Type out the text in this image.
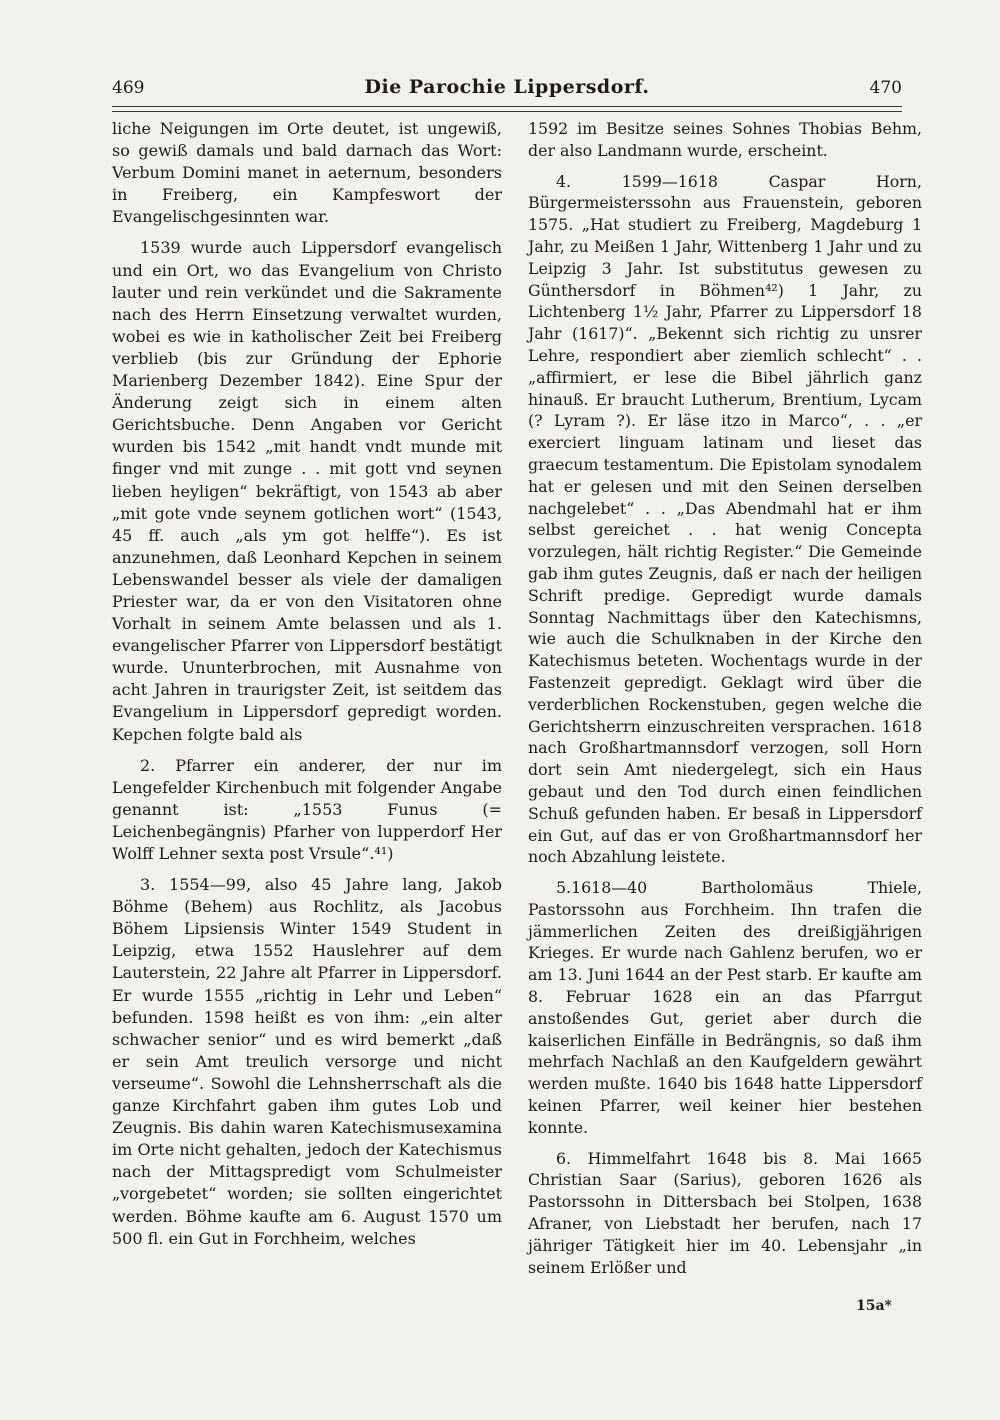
469	Die Parochie Lippersdorf.	470

liche Neigungen im Orte deutet, ist ungewiß, so gewiß damals und bald darnach das Wort: Verbum Domini manet in aeternum, besonders in Freiberg, ein Kampfeswort der Evangelischgesinnten war.

1539 wurde auch Lippersdorf evangelisch und ein Ort, wo das Evangelium von Christo lauter und rein verkündet und die Sakramente nach des Herrn Einsetzung verwaltet wurden, wobei es wie in katholischer Zeit bei Freiberg verblieb (bis zur Gründung der Ephorie Marienberg Dezember 1842). Eine Spur der Änderung zeigt sich in einem alten Gerichtsbuche. Denn Angaben vor Gericht wurden bis 1542 „mit handt vndt munde mit finger vnd mit zunge . . mit gott vnd seynen lieben heyligen“ bekräftigt, von 1543 ab aber „mit gote vnde seynem gotlichen wort“ (1543, 45 ff. auch „als ym got helffe“). Es ist anzunehmen, daß Leonhard Kepchen in seinem Lebenswandel besser als viele der damaligen Priester war, da er von den Visitatoren ohne Vorhalt in seinem Amte belassen und als 1. evangelischer Pfarrer von Lippersdorf bestätigt wurde. Ununterbrochen, mit Ausnahme von acht Jahren in traurigster Zeit, ist seitdem das Evangelium in Lippersdorf gepredigt worden. Kepchen folgte bald als

2. Pfarrer ein anderer, der nur im Lengefelder Kirchenbuch mit folgender Angabe genannt ist: „1553 Funus (= Leichenbegängnis) Pfarher von lupperdorf Her Wolff Lehner sexta post Vrsule“.⁴¹)

3. 1554—99, also 45 Jahre lang, Jakob Böhme (Behem) aus Rochlitz, als Jacobus Bӧhem Lipsiensis Winter 1549 Student in Leipzig, etwa 1552 Hauslehrer auf dem Lauterstein, 22 Jahre alt Pfarrer in Lippersdorf. Er wurde 1555 „richtig in Lehr und Leben“ befunden. 1598 heißt es von ihm: „ein alter schwacher senior“ und es wird bemerkt „daß er sein Amt treulich versorge und nicht verseume“. Sowohl die Lehnsherrschaft als die ganze Kirchfahrt gaben ihm gutes Lob und Zeugnis. Bis dahin waren Katechismusexamina im Orte nicht gehalten, jedoch der Katechismus nach der Mittagspredigt vom Schulmeister „vorgebetet“ worden; sie sollten eingerichtet werden. Böhme kaufte am 6. August 1570 um 500 fl. ein Gut in Forchheim, welches

1592 im Besitze seines Sohnes Thobias Behm, der also Landmann wurde, erscheint.

4. 1599—1618 Caspar Horn, Bürgermeisterssohn aus Frauenstein, geboren 1575. „Hat studiert zu Freiberg, Magdeburg 1 Jahr, zu Meißen 1 Jahr, Wittenberg 1 Jahr und zu Leipzig 3 Jahr. Ist substitutus gewesen zu Günthersdorf in Böhmen⁴²) 1 Jahr, zu Lichtenberg 1½ Jahr, Pfarrer zu Lippersdorf 18 Jahr (1617)“. „Bekennt sich richtig zu unsrer Lehre, respondiert aber ziemlich schlecht“ . . „affirmiert, er lese die Bibel jährlich ganz hinauß. Er braucht Lutherum, Brentium, Lycam (? Lyram ?). Er läse itzo in Marco“, . . „er exerciert linguam latinam und lieset das graecum testamentum. Die Epistolam synodalem hat er gelesen und mit den Seinen derselben nachgelebet“ . . „Das Abendmahl hat er ihm selbst gereichet . . hat wenig Concepta vorzulegen, hält richtig Register.“ Die Gemeinde gab ihm gutes Zeugnis, daß er nach der heiligen Schrift predige. Gepredigt wurde damals Sonntag Nachmittags über den Katechismns, wie auch die Schulknaben in der Kirche den Katechismus beteten. Wochentags wurde in der Fastenzeit gepredigt. Geklagt wird über die verderblichen Rockenstuben, gegen welche die Gerichtsherrn einzuschreiten versprachen. 1618 nach Großhartmannsdorf verzogen, soll Horn dort sein Amt niedergelegt, sich ein Haus gebaut und den Tod durch einen feindlichen Schuß gefunden haben. Er besaß in Lippersdorf ein Gut, auf das er von Großhartmannsdorf her noch Abzahlung leistete.

5.1618—40 Bartholomäus Thiele, Pastorssohn aus Forchheim. Ihn trafen die jämmerlichen Zeiten des dreißigjährigen Krieges. Er wurde nach Gahlenz berufen, wo er am 13. Juni 1644 an der Pest starb. Er kaufte am 8. Februar 1628 ein an das Pfarrgut anstoßendes Gut, geriet aber durch die kaiserlichen Einfälle in Bedrängnis, so daß ihm mehrfach Nachlaß an den Kaufgeldern gewährt werden mußte. 1640 bis 1648 hatte Lippersdorf keinen Pfarrer, weil keiner hier bestehen konnte.

6. Himmelfahrt 1648 bis 8. Mai 1665 Christian Saar (Sarius), geboren 1626 als Pastorssohn in Dittersbach bei Stolpen, 1638 Afraner, von Liebstadt her berufen, nach 17 jähriger Tätigkeit hier im 40. Lebensjahr „in seinem Erlößer und

15a*
